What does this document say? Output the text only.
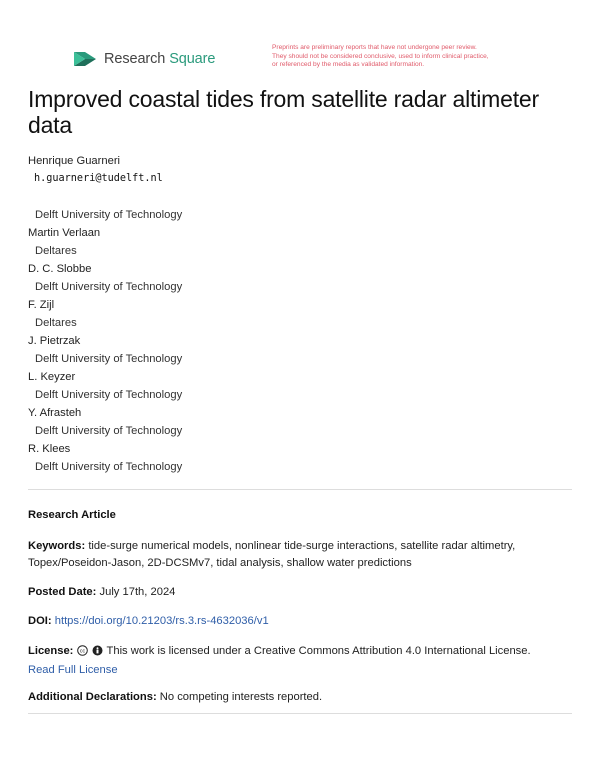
Research Square
Preprints are preliminary reports that have not undergone peer review.
They should not be considered conclusive, used to inform clinical practice,
or referenced by the media as validated information.
Improved coastal tides from satellite radar altimeter data
Henrique Guarneri
h.guarneri@tudelft.nl
Delft University of Technology
Martin Verlaan
Deltares
D. C. Slobbe
Delft University of Technology
F. Zijl
Deltares
J. Pietrzak
Delft University of Technology
L. Keyzer
Delft University of Technology
Y. Afrasteh
Delft University of Technology
R. Klees
Delft University of Technology
Research Article
Keywords: tide-surge numerical models, nonlinear tide-surge interactions, satellite radar altimetry, Topex/Poseidon-Jason, 2D-DCSMv7, tidal analysis, shallow water predictions
Posted Date: July 17th, 2024
DOI: https://doi.org/10.21203/rs.3.rs-4632036/v1
License: cc This work is licensed under a Creative Commons Attribution 4.0 International License.
Read Full License
Additional Declarations: No competing interests reported.
